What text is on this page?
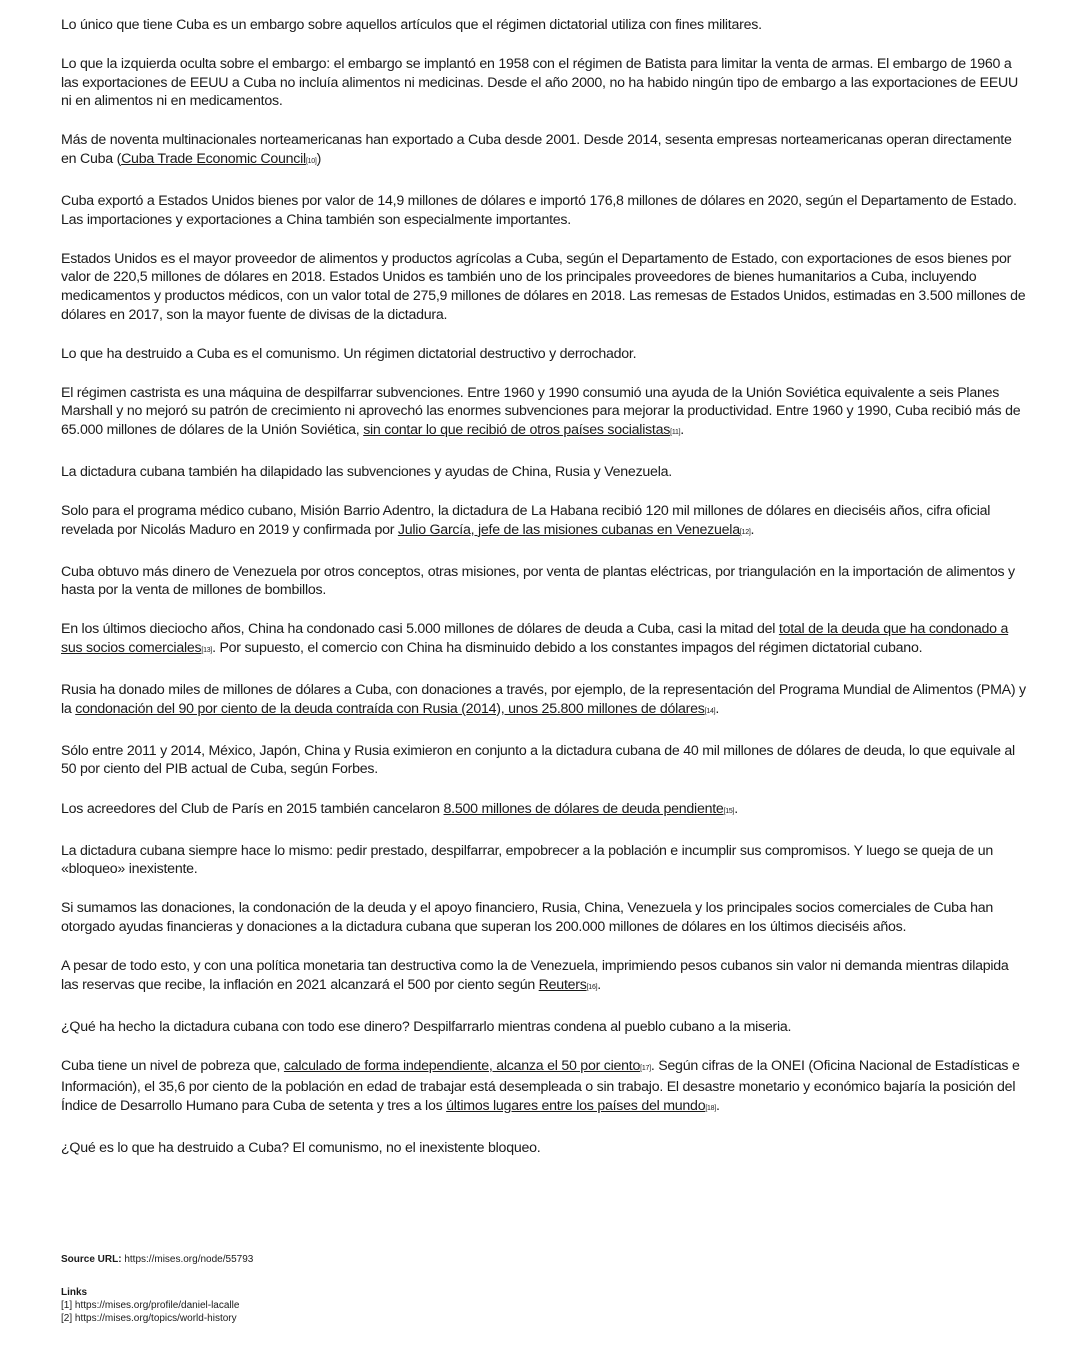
Lo único que tiene Cuba es un embargo sobre aquellos artículos que el régimen dictatorial utiliza con fines militares.

Lo que la izquierda oculta sobre el embargo: el embargo se implantó en 1958 con el régimen de Batista para limitar la venta de armas. El embargo de 1960 a las exportaciones de EEUU a Cuba no incluía alimentos ni medicinas. Desde el año 2000, no ha habido ningún tipo de embargo a las exportaciones de EEUU ni en alimentos ni en medicamentos.

Más de noventa multinacionales norteamericanas han exportado a Cuba desde 2001. Desde 2014, sesenta empresas norteamericanas operan directamente en Cuba (Cuba Trade Economic Council[10])

Cuba exportó a Estados Unidos bienes por valor de 14,9 millones de dólares e importó 176,8 millones de dólares en 2020, según el Departamento de Estado. Las importaciones y exportaciones a China también son especialmente importantes.

Estados Unidos es el mayor proveedor de alimentos y productos agrícolas a Cuba, según el Departamento de Estado, con exportaciones de esos bienes por valor de 220,5 millones de dólares en 2018. Estados Unidos es también uno de los principales proveedores de bienes humanitarios a Cuba, incluyendo medicamentos y productos médicos, con un valor total de 275,9 millones de dólares en 2018. Las remesas de Estados Unidos, estimadas en 3.500 millones de dólares en 2017, son la mayor fuente de divisas de la dictadura.

Lo que ha destruido a Cuba es el comunismo. Un régimen dictatorial destructivo y derrochador.

El régimen castrista es una máquina de despilfarrar subvenciones. Entre 1960 y 1990 consumió una ayuda de la Unión Soviética equivalente a seis Planes Marshall y no mejoró su patrón de crecimiento ni aprovechó las enormes subvenciones para mejorar la productividad. Entre 1960 y 1990, Cuba recibió más de 65.000 millones de dólares de la Unión Soviética, sin contar lo que recibió de otros países socialistas[11].

La dictadura cubana también ha dilapidado las subvenciones y ayudas de China, Rusia y Venezuela.

Solo para el programa médico cubano, Misión Barrio Adentro, la dictadura de La Habana recibió 120 mil millones de dólares en dieciséis años, cifra oficial revelada por Nicolás Maduro en 2019 y confirmada por Julio García, jefe de las misiones cubanas en Venezuela[12].

Cuba obtuvo más dinero de Venezuela por otros conceptos, otras misiones, por venta de plantas eléctricas, por triangulación en la importación de alimentos y hasta por la venta de millones de bombillos.

En los últimos dieciocho años, China ha condonado casi 5.000 millones de dólares de deuda a Cuba, casi la mitad del total de la deuda que ha condonado a sus socios comerciales[13]. Por supuesto, el comercio con China ha disminuido debido a los constantes impagos del régimen dictatorial cubano.

Rusia ha donado miles de millones de dólares a Cuba, con donaciones a través, por ejemplo, de la representación del Programa Mundial de Alimentos (PMA) y la condonación del 90 por ciento de la deuda contraída con Rusia (2014), unos 25.800 millones de dólares[14].

Sólo entre 2011 y 2014, México, Japón, China y Rusia eximieron en conjunto a la dictadura cubana de 40 mil millones de dólares de deuda, lo que equivale al 50 por ciento del PIB actual de Cuba, según Forbes.

Los acreedores del Club de París en 2015 también cancelaron 8.500 millones de dólares de deuda pendiente[15].

La dictadura cubana siempre hace lo mismo: pedir prestado, despilfarrar, empobrecer a la población e incumplir sus compromisos. Y luego se queja de un «bloqueo» inexistente.

Si sumamos las donaciones, la condonación de la deuda y el apoyo financiero, Rusia, China, Venezuela y los principales socios comerciales de Cuba han otorgado ayudas financieras y donaciones a la dictadura cubana que superan los 200.000 millones de dólares en los últimos dieciséis años.

A pesar de todo esto, y con una política monetaria tan destructiva como la de Venezuela, imprimiendo pesos cubanos sin valor ni demanda mientras dilapida las reservas que recibe, la inflación en 2021 alcanzará el 500 por ciento según Reuters[16].

¿Qué ha hecho la dictadura cubana con todo ese dinero? Despilfarrarlo mientras condena al pueblo cubano a la miseria.

Cuba tiene un nivel de pobreza que, calculado de forma independiente, alcanza el 50 por ciento[17]. Según cifras de la ONEI (Oficina Nacional de Estadísticas e Información), el 35,6 por ciento de la población en edad de trabajar está desempleada o sin trabajo. El desastre monetario y económico bajaría la posición del Índice de Desarrollo Humano para Cuba de setenta y tres a los últimos lugares entre los países del mundo[18].

¿Qué es lo que ha destruido a Cuba? El comunismo, no el inexistente bloqueo.

Source URL: https://mises.org/node/55793
Links
[1] https://mises.org/profile/daniel-lacalle
[2] https://mises.org/topics/world-history
